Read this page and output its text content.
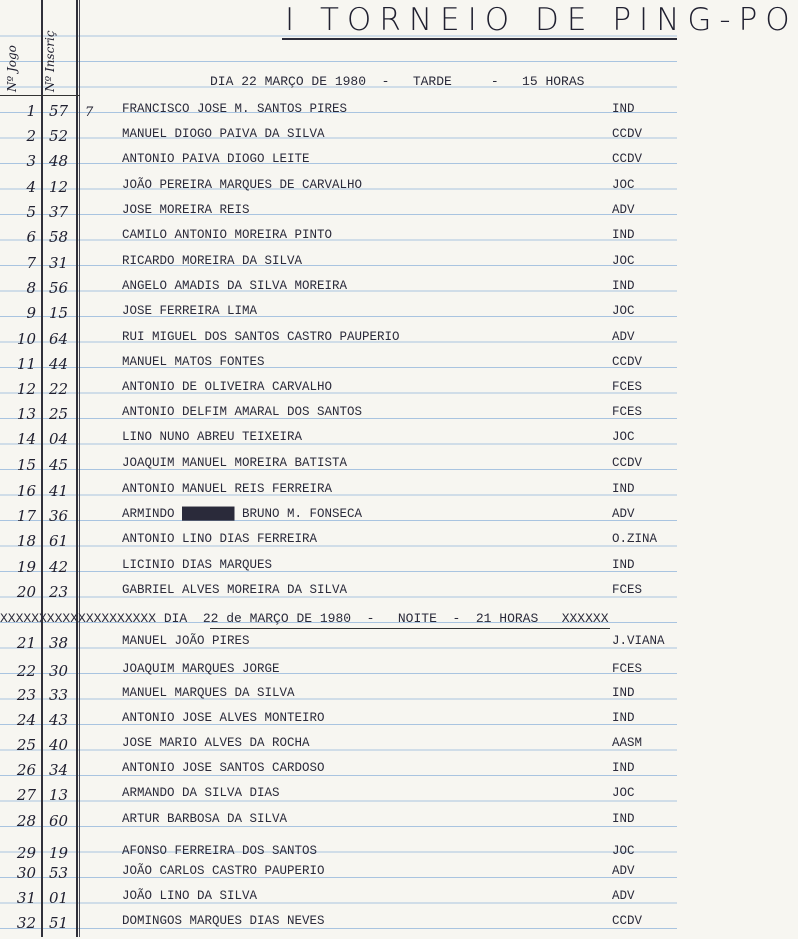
I TORNEIO DE PING-PO
Nº Jogo Nº Inscriç	DIA 22 MARÇO DE 1980  -   TARDE     -   15 HORAS
7
XXXXXXXXXXXXXXXXXXXX DIA  22 de MARÇO DE 1980  -   NOITE  -  21 HORAS   XXXXXX
1 57	FRANCISCO JOSE M. SANTOS PIRES	IND
2 52	MANUEL DIOGO PAIVA DA SILVA	CCDV
3 48	ANTONIO PAIVA DIOGO LEITE	CCDV
4 12	JOÃO PEREIRA MARQUES DE CARVALHO	JOC
5 37	JOSE MOREIRA REIS	ADV
6 58	CAMILO ANTONIO MOREIRA PINTO	IND
7 31	RICARDO MOREIRA DA SILVA	JOC
8 56	ANGELO AMADIS DA SILVA MOREIRA	IND
9 15	JOSE FERREIRA LIMA	JOC
10 64	RUI MIGUEL DOS SANTOS CASTRO PAUPERIO	ADV
11 44	MANUEL MATOS FONTES	CCDV
12 22	ANTONIO DE OLIVEIRA CARVALHO	FCES
13 25	ANTONIO DELFIM AMARAL DOS SANTOS	FCES
14 04	LINO NUNO ABREU TEIXEIRA	JOC
15 45	JOAQUIM MANUEL MOREIRA BATISTA	CCDV
16 41	ANTONIO MANUEL REIS FERREIRA	IND
17 36	ARMINDO ███████ BRUNO M. FONSECA	ADV
18 61	ANTONIO LINO DIAS FERREIRA	O.ZINA
19 42	LICINIO DIAS MARQUES	IND
20 23	GABRIEL ALVES MOREIRA DA SILVA	FCES
21 38	MANUEL JOÃO PIRES	J.VIANA
22 30	JOAQUIM MARQUES JORGE	FCES
23 33	MANUEL MARQUES DA SILVA	IND
24 43	ANTONIO JOSE ALVES MONTEIRO	IND
25 40	JOSE MARIO ALVES DA ROCHA	AASM
26 34	ANTONIO JOSE SANTOS CARDOSO	IND
27 13	ARMANDO DA SILVA DIAS	JOC
28 60	ARTUR BARBOSA DA SILVA	IND
29 19	AFONSO FERREIRA DOS SANTOS	JOC
30 53	JOÃO CARLOS CASTRO PAUPERIO	ADV
31 01	JOÃO LINO DA SILVA	ADV
32 51	DOMINGOS MARQUES DIAS NEVES	CCDV
